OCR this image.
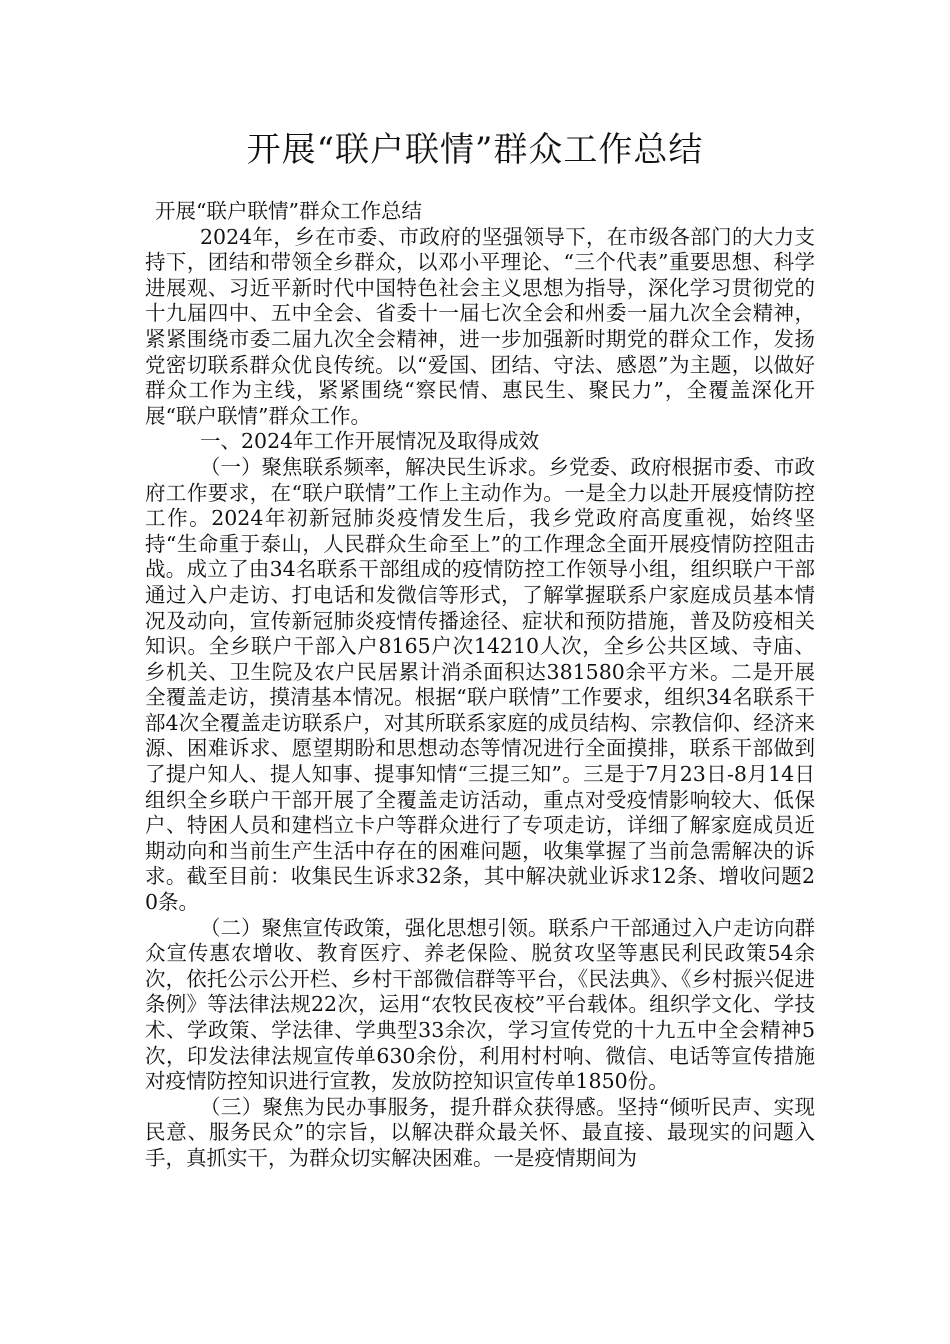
开展“联户联情”群众工作总结

开展“联户联情”群众工作总结

2024年，乡在市委、市政府的坚强领导下，在市级各部门的大力支持下，团结和带领全乡群众，以邓小平理论、“三个代表”重要思想、科学进展观、习近平新时代中国特色社会主义思想为指导，深化学习贯彻党的十九届四中、五中全会、省委十一届七次全会和州委一届九次全会精神，紧紧围绕市委二届九次全会精神，进一步加强新时期党的群众工作，发扬党密切联系群众优良传统。以“爱国、团结、守法、感恩”为主题，以做好群众工作为主线，紧紧围绕“察民情、惠民生、聚民力”，全覆盖深化开展“联户联情”群众工作。

一、2024年工作开展情况及取得成效

（一）聚焦联系频率，解决民生诉求。乡党委、政府根据市委、市政府工作要求，在“联户联情”工作上主动作为。一是全力以赴开展疫情防控工作。2024年初新冠肺炎疫情发生后，我乡党政府高度重视，始终坚持“生命重于泰山，人民群众生命至上”的工作理念全面开展疫情防控阻击战。成立了由34名联系干部组成的疫情防控工作领导小组，组织联户干部通过入户走访、打电话和发微信等形式，了解掌握联系户家庭成员基本情况及动向，宣传新冠肺炎疫情传播途径、症状和预防措施，普及防疫相关知识。全乡联户干部入户8165户次14210人次，全乡公共区域、寺庙、乡机关、卫生院及农户民居累计消杀面积达381580余平方米。二是开展全覆盖走访，摸清基本情况。根据“联户联情”工作要求，组织34名联系干部4次全覆盖走访联系户，对其所联系家庭的成员结构、宗教信仰、经济来源、困难诉求、愿望期盼和思想动态等情况进行全面摸排，联系干部做到了提户知人、提人知事、提事知情“三提三知”。三是于7月23日-8月14日组织全乡联户干部开展了全覆盖走访活动，重点对受疫情影响较大、低保户、特困人员和建档立卡户等群众进行了专项走访，详细了解家庭成员近期动向和当前生产生活中存在的困难问题，收集掌握了当前急需解决的诉求。截至目前：收集民生诉求32条，其中解决就业诉求12条、增收问题20条。

（二）聚焦宣传政策，强化思想引领。联系户干部通过入户走访向群众宣传惠农增收、教育医疗、养老保险、脱贫攻坚等惠民利民政策54余次，依托公示公开栏、乡村干部微信群等平台，《民法典》、《乡村振兴促进条例》等法律法规22次，运用“农牧民夜校”平台载体。组织学文化、学技术、学政策、学法律、学典型33余次，学习宣传党的十九五中全会精神5次，印发法律法规宣传单630余份，利用村村响、微信、电话等宣传措施对疫情防控知识进行宣教，发放防控知识宣传单1850份。

（三）聚焦为民办事服务，提升群众获得感。坚持“倾听民声、实现民意、服务民众”的宗旨，以解决群众最关怀、最直接、最现实的问题入手，真抓实干，为群众切实解决困难。一是疫情期间为
